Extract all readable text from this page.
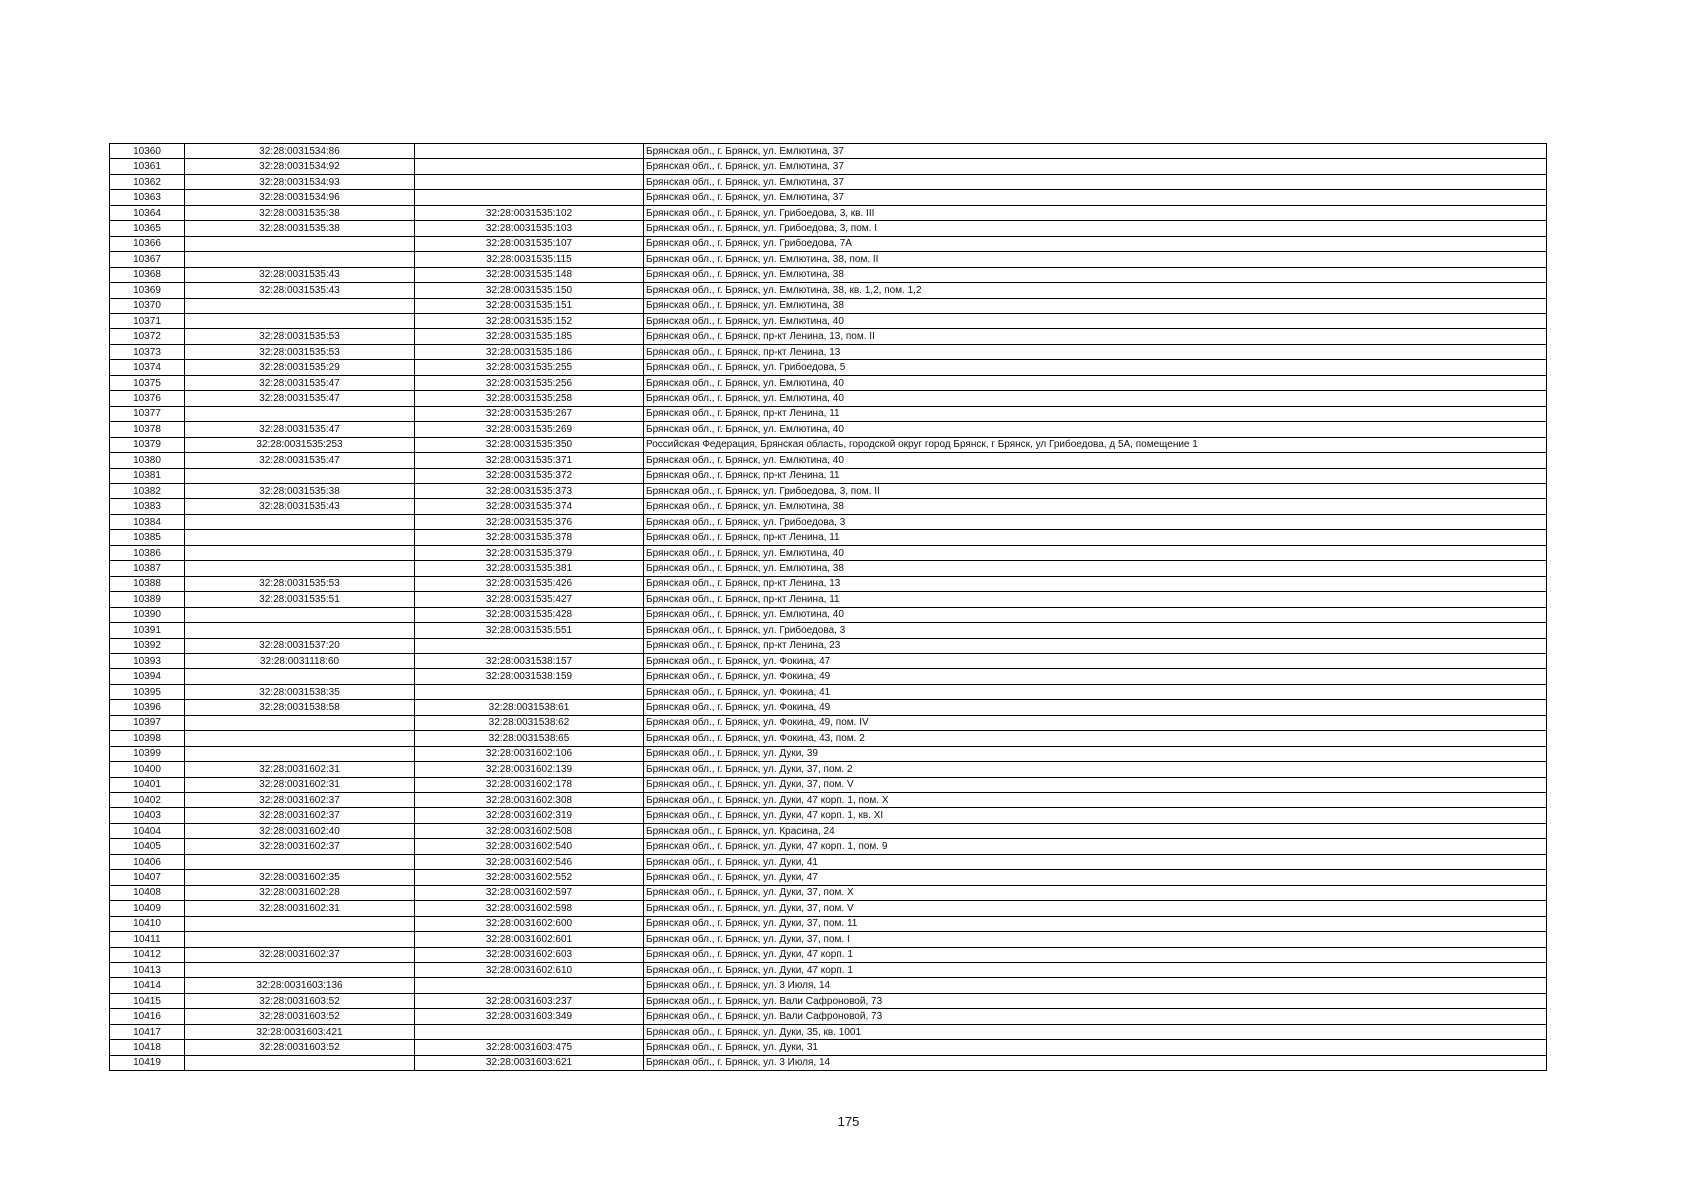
10360	32:28:0031534:86		Брянская обл., г. Брянск, ул. Емлютина, 37
10361	32:28:0031534:92		Брянская обл., г. Брянск, ул. Емлютина, 37
10362	32:28:0031534:93		Брянская обл., г. Брянск, ул. Емлютина, 37
10363	32:28:0031534:96		Брянская обл., г. Брянск, ул. Емлютина, 37
10364	32:28:0031535:38	32:28:0031535:102	Брянская обл., г. Брянск, ул. Грибоедова, 3, кв. III
10365	32:28:0031535:38	32:28:0031535:103	Брянская обл., г. Брянск, ул. Грибоедова, 3, пом. I
10366		32:28:0031535:107	Брянская обл., г. Брянск, ул. Грибоедова, 7А
10367		32:28:0031535:115	Брянская обл., г. Брянск, ул. Емлютина, 38, пом. II
10368	32:28:0031535:43	32:28:0031535:148	Брянская обл., г. Брянск, ул. Емлютина, 38
10369	32:28:0031535:43	32:28:0031535:150	Брянская обл., г. Брянск, ул. Емлютина, 38, кв. 1,2, пом. 1,2
10370		32:28:0031535:151	Брянская обл., г. Брянск, ул. Емлютина, 38
10371		32:28:0031535:152	Брянская обл., г. Брянск, ул. Емлютина, 40
10372	32:28:0031535:53	32:28:0031535:185	Брянская обл., г. Брянск, пр-кт Ленина, 13, пом. II
10373	32:28:0031535:53	32:28:0031535:186	Брянская обл., г. Брянск, пр-кт Ленина, 13
10374	32:28:0031535:29	32:28:0031535:255	Брянская обл., г. Брянск, ул. Грибоедова, 5
10375	32:28:0031535:47	32:28:0031535:256	Брянская обл., г. Брянск, ул. Емлютина, 40
10376	32:28:0031535:47	32:28:0031535:258	Брянская обл., г. Брянск, ул. Емлютина, 40
10377		32:28:0031535:267	Брянская обл., г. Брянск, пр-кт Ленина, 11
10378	32:28:0031535:47	32:28:0031535:269	Брянская обл., г. Брянск, ул. Емлютина, 40
10379	32:28:0031535:253	32:28:0031535:350	Российская Федерация, Брянская область, городской округ город Брянск, г Брянск, ул Грибоедова, д 5А, помещение 1
10380	32:28:0031535:47	32:28:0031535:371	Брянская обл., г. Брянск, ул. Емлютина, 40
10381		32:28:0031535:372	Брянская обл., г. Брянск, пр-кт Ленина, 11
10382	32:28:0031535:38	32:28:0031535:373	Брянская обл., г. Брянск, ул. Грибоедова, 3, пом. II
10383	32:28:0031535:43	32:28:0031535:374	Брянская обл., г. Брянск, ул. Емлютина, 38
10384		32:28:0031535:376	Брянская обл., г. Брянск, ул. Грибоедова, 3
10385		32:28:0031535:378	Брянская обл., г. Брянск, пр-кт Ленина, 11
10386		32:28:0031535:379	Брянская обл., г. Брянск, ул. Емлютина, 40
10387		32:28:0031535:381	Брянская обл., г. Брянск, ул. Емлютина, 38
10388	32:28:0031535:53	32:28:0031535:426	Брянская обл., г. Брянск, пр-кт Ленина, 13
10389	32:28:0031535:51	32:28:0031535:427	Брянская обл., г. Брянск, пр-кт Ленина, 11
10390		32:28:0031535:428	Брянская обл., г. Брянск, ул. Емлютина, 40
10391		32:28:0031535:551	Брянская обл., г. Брянск, ул. Грибоедова, 3
10392	32:28:0031537:20		Брянская обл., г. Брянск, пр-кт Ленина, 23
10393	32:28:0031118:60	32:28:0031538:157	Брянская обл., г. Брянск, ул. Фокина, 47
10394		32:28:0031538:159	Брянская обл., г. Брянск, ул. Фокина, 49
10395	32:28:0031538:35		Брянская обл., г. Брянск, ул. Фокина, 41
10396	32:28:0031538:58	32:28:0031538:61	Брянская обл., г. Брянск, ул. Фокина, 49
10397		32:28:0031538:62	Брянская обл., г. Брянск, ул. Фокина, 49, пом. IV
10398		32:28:0031538:65	Брянская обл., г. Брянск, ул. Фокина, 43, пом. 2
10399		32:28:0031602:106	Брянская обл., г. Брянск, ул. Дуки, 39
10400	32:28:0031602:31	32:28:0031602:139	Брянская обл., г. Брянск, ул. Дуки, 37, пом. 2
10401	32:28:0031602:31	32:28:0031602:178	Брянская обл., г. Брянск, ул. Дуки, 37, пом. V
10402	32:28:0031602:37	32:28:0031602:308	Брянская обл., г. Брянск, ул. Дуки, 47 корп. 1, пом. X
10403	32:28:0031602:37	32:28:0031602:319	Брянская обл., г. Брянск, ул. Дуки, 47 корп. 1, кв. XI
10404	32:28:0031602:40	32:28:0031602:508	Брянская обл., г. Брянск, ул. Красина, 24
10405	32:28:0031602:37	32:28:0031602:540	Брянская обл., г. Брянск, ул. Дуки, 47 корп. 1, пом. 9
10406		32:28:0031602:546	Брянская обл., г. Брянск, ул. Дуки, 41
10407	32:28:0031602:35	32:28:0031602:552	Брянская обл., г. Брянск, ул. Дуки, 47
10408	32:28:0031602:28	32:28:0031602:597	Брянская обл., г. Брянск, ул. Дуки, 37, пом. X
10409	32:28:0031602:31	32:28:0031602:598	Брянская обл., г. Брянск, ул. Дуки, 37, пом. V
10410		32:28:0031602:600	Брянская обл., г. Брянск, ул. Дуки, 37, пом. 11
10411		32:28:0031602:601	Брянская обл., г. Брянск, ул. Дуки, 37, пом. I
10412	32:28:0031602:37	32:28:0031602:603	Брянская обл., г. Брянск, ул. Дуки, 47 корп. 1
10413		32:28:0031602:610	Брянская обл., г. Брянск, ул. Дуки, 47 корп. 1
10414	32:28:0031603:136		Брянская обл., г. Брянск, ул. 3 Июля, 14
10415	32:28:0031603:52	32:28:0031603:237	Брянская обл., г. Брянск, ул. Вали Сафроновой, 73
10416	32:28:0031603:52	32:28:0031603:349	Брянская обл., г. Брянск, ул. Вали Сафроновой, 73
10417	32:28:0031603:421		Брянская обл., г. Брянск, ул. Дуки, 35, кв. 1001
10418	32:28:0031603:52	32:28:0031603:475	Брянская обл., г. Брянск, ул. Дуки, 31
10419		32:28:0031603:621	Брянская обл., г. Брянск, ул. 3 Июля, 14
175
